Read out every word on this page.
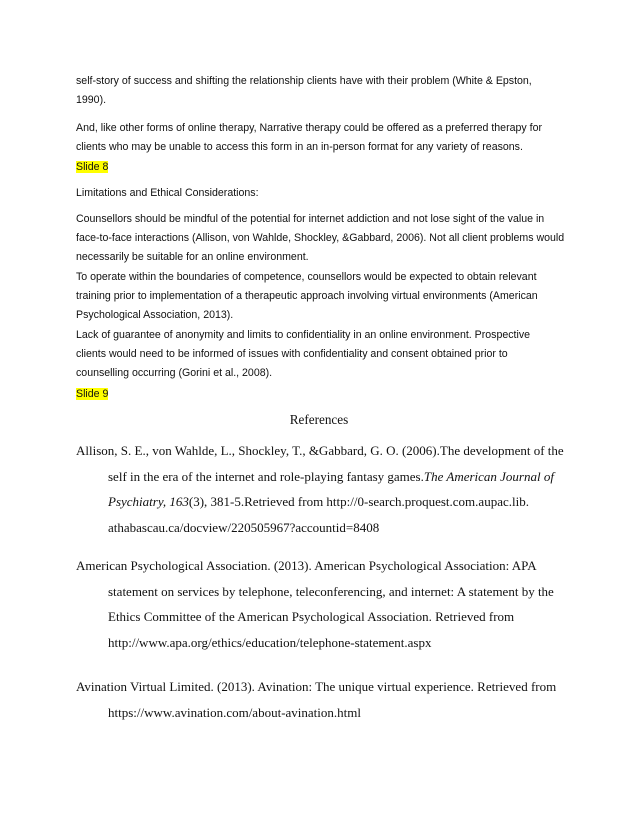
self-story of success and shifting the relationship clients have with their problem (White & Epston,
1990).

And, like other forms of online therapy, Narrative therapy could be offered as a preferred therapy for
clients who may be unable to access this form in an in-person format for any variety of reasons.

Slide 8

Limitations and Ethical Considerations:

Counsellors should be mindful of the potential for internet addiction and not lose sight of the value in
face-to-face interactions (Allison, von Wahlde, Shockley, &Gabbard, 2006). Not all client problems would
necessarily be suitable for an online environment.

To operate within the boundaries of competence, counsellors would be expected to obtain relevant
training prior to implementation of a therapeutic approach involving virtual environments (American
Psychological Association, 2013).

Lack of guarantee of anonymity and limits to confidentiality in an online environment. Prospective
clients would need to be informed of issues with confidentiality and consent obtained prior to
counselling occurring (Gorini et al., 2008).

Slide 9

References
Allison, S. E., von Wahlde, L., Shockley, T., &Gabbard, G. O. (2006).The development of the
self in the era of the internet and role-playing fantasy games.The American Journal of
Psychiatry, 163(3), 381-5.Retrieved from http://0-search.proquest.com.aupac.lib.
athabascau.ca/docview/220505967?accountid=8408
American Psychological Association. (2013). American Psychological Association: APA
statement on services by telephone, teleconferencing, and internet: A statement by the
Ethics Committee of the American Psychological Association. Retrieved from
http://www.apa.org/ethics/education/telephone-statement.aspx
Avination Virtual Limited. (2013). Avination: The unique virtual experience. Retrieved from
https://www.avination.com/about-avination.html
